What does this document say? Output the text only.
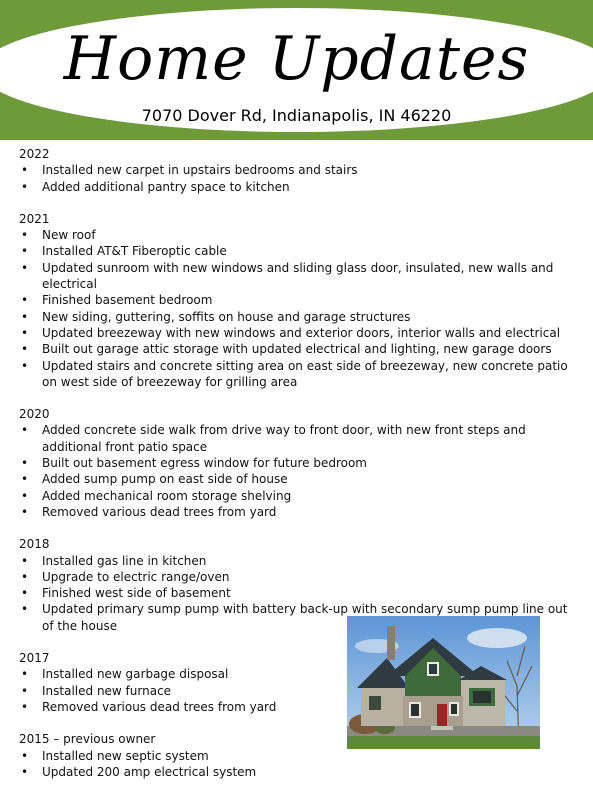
Home Updates
7070 Dover Rd, Indianapolis, IN 46220

2022

• Installed new carpet in upstairs bedrooms and stairs
• Added additional pantry space to kitchen

2021

• New roof
• Installed AT&T Fiberoptic cable
• Updated sunroom with new windows and sliding glass door, insulated, new walls and electrical
• Finished basement bedroom
• New siding, guttering, soffits on house and garage structures
• Updated breezeway with new windows and exterior doors, interior walls and electrical
• Built out garage attic storage with updated electrical and lighting, new garage doors
• Updated stairs and concrete sitting area on east side of breezeway, new concrete patio on west side of breezeway for grilling area

2020

• Added concrete side walk from drive way to front door, with new front steps and additional front patio space
• Built out basement egress window for future bedroom
• Added sump pump on east side of house
• Added mechanical room storage shelving
• Removed various dead trees from yard

2018

• Installed gas line in kitchen
• Upgrade to electric range/oven
• Finished west side of basement
• Updated primary sump pump with battery back-up with secondary sump pump line out of the house

2017

• Installed new garbage disposal
• Installed new furnace
• Removed various dead trees from yard

2015 – previous owner

• Installed new septic system
• Updated 200 amp electrical system
